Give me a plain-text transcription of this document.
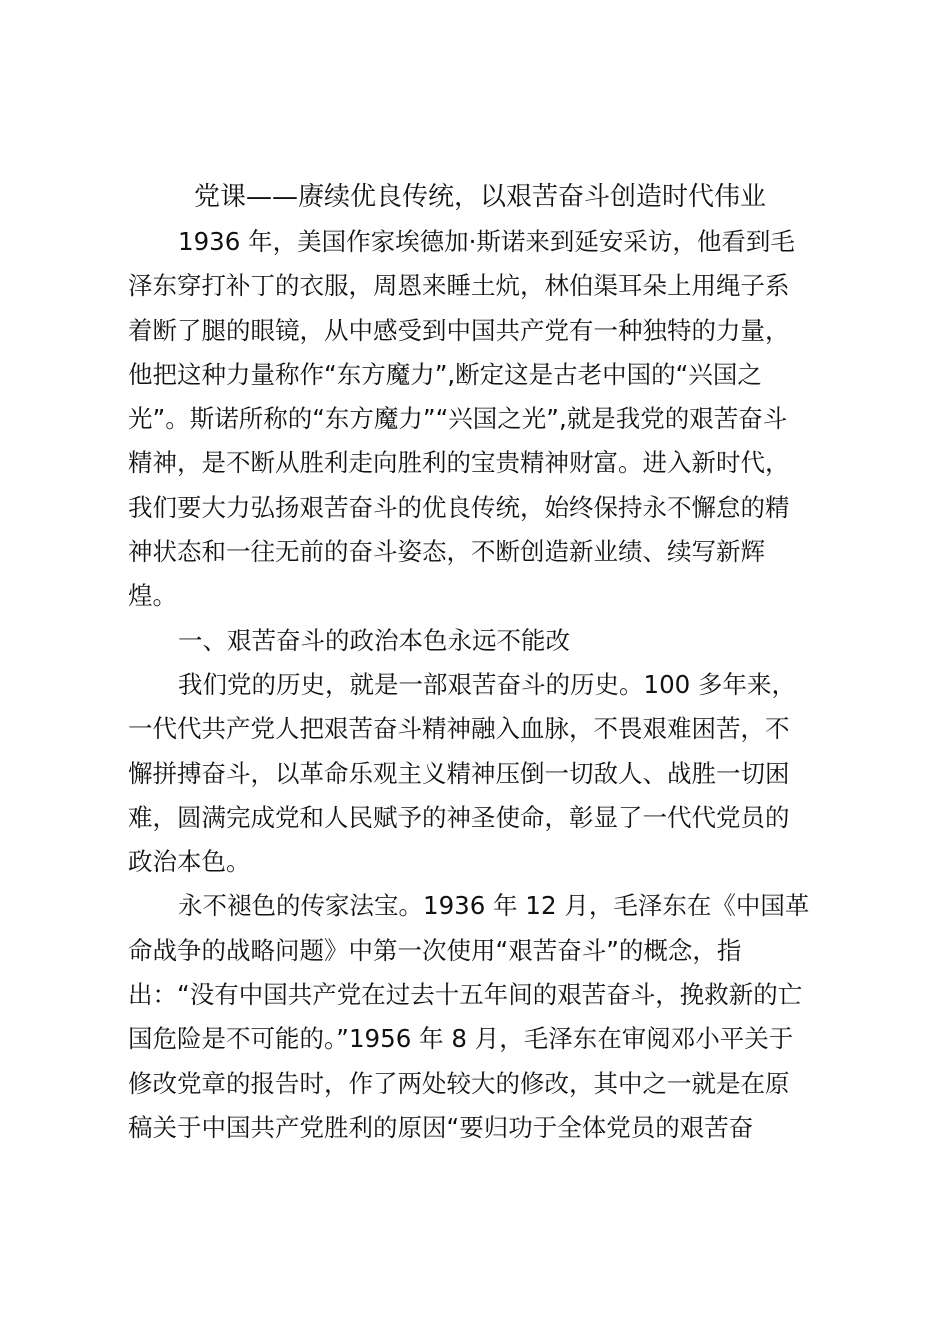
党课——赓续优良传统，以艰苦奋斗创造时代伟业
1936 年，美国作家埃德加·斯诺来到延安采访，他看到毛
泽东穿打补丁的衣服，周恩来睡土炕，林伯渠耳朵上用绳子系
着断了腿的眼镜，从中感受到中国共产党有一种独特的力量，
他把这种力量称作“东方魔力”,断定这是古老中国的“兴国之
光”。斯诺所称的“东方魔力”“兴国之光”,就是我党的艰苦奋斗
精神，是不断从胜利走向胜利的宝贵精神财富。进入新时代，
我们要大力弘扬艰苦奋斗的优良传统，始终保持永不懈怠的精
神状态和一往无前的奋斗姿态，不断创造新业绩、续写新辉
煌。
一、艰苦奋斗的政治本色永远不能改
我们党的历史，就是一部艰苦奋斗的历史。100 多年来，
一代代共产党人把艰苦奋斗精神融入血脉，不畏艰难困苦，不
懈拼搏奋斗，以革命乐观主义精神压倒一切敌人、战胜一切困
难，圆满完成党和人民赋予的神圣使命，彰显了一代代党员的
政治本色。
永不褪色的传家法宝。1936 年 12 月，毛泽东在《中国革
命战争的战略问题》中第一次使用“艰苦奋斗”的概念，指
出：“没有中国共产党在过去十五年间的艰苦奋斗，挽救新的亡
国危险是不可能的。”1956 年 8 月，毛泽东在审阅邓小平关于
修改党章的报告时，作了两处较大的修改，其中之一就是在原
稿关于中国共产党胜利的原因“要归功于全体党员的艰苦奋
